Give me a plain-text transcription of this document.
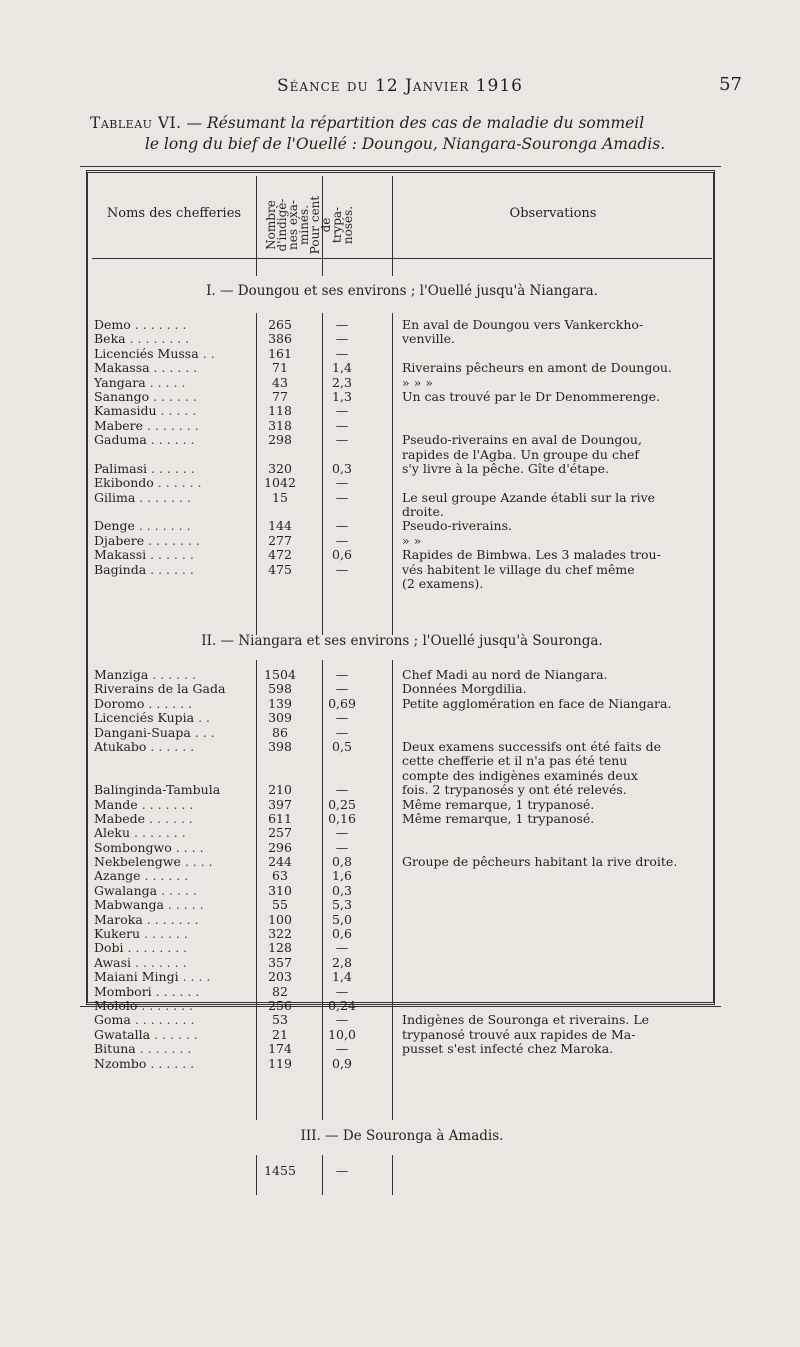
Séance du 12 Janvier 1916	57
Tableau VI. — Résumant la répartition des cas de maladie du sommeil
le long du bief de l'Ouellé : Doungou, Niangara-Souronga Amadis.
Noms des chefferies	Nombre
d'indigè-
nes exa-
minés.
Pour cent
de
trypa-
nosés.	Observations
I. — Doungou et ses environs ; l'Ouellé jusqu'à Niangara.
Demo . . . . . . .	265	—	En aval de Doungou vers Vankerckho-
Beka . . . . . . . .	386	—	venville.
Licenciés Mussa . .	161	—
Makassa . . . . . .	71	1,4	Riverains pêcheurs en amont de Doungou.
Yangara . . . . .	43	2,3	» » »
Sanango . . . . . .	77	1,3	Un cas trouvé par le Dr Denommerenge.
Kamasidu . . . . .	118	—
Mabere . . . . . . .	318	—
Gaduma . . . . . .	298	—	Pseudo-riverains en aval de Doungou,
rapides de l'Agba. Un groupe du chef
Palimasi . . . . . .	320	0,3	s'y livre à la pêche. Gîte d'étape.
Ekibondo . . . . . .	1042	—
Gilima . . . . . . .	15	—	Le seul groupe Azande établi sur la rive
droite.
Denge . . . . . . .	144	—	Pseudo-riverains.
Djabere . . . . . . .	277	—	» »
Makassi . . . . . .	472	0,6	Rapides de Bimbwa. Les 3 malades trou-
Baginda . . . . . .	475	—	vés habitent le village du chef même
(2 examens).
II. — Niangara et ses environs ; l'Ouellé jusqu'à Souronga.
Manziga . . . . . .	1504	—	Chef Madi au nord de Niangara.
Riverains de la Gada	598	—	Données Morgdilia.
Doromo . . . . . .	139	0,69	Petite agglomération en face de Niangara.
Licenciés Kupia . .	309	—
Dangani-Suapa . . .	86	—
Atukabo . . . . . .	398	0,5	Deux examens successifs ont été faits de
cette chefferie et il n'a pas été tenu
compte des indigènes examinés deux
Balinginda-Tambula	210	—	fois. 2 trypanosés y ont été relevés.
Mande . . . . . . .	397	0,25	Même remarque, 1 trypanosé.
Mabede . . . . . .	611	0,16	Même remarque, 1 trypanosé.
Aleku . . . . . . .	257	—
Sombongwo . . . .	296	—
Nekbelengwe . . . .	244	0,8	Groupe de pêcheurs habitant la rive droite.
Azange . . . . . .	63	1,6
Gwalanga . . . . .	310	0,3
Mabwanga . . . . .	55	5,3
Maroka . . . . . . .	100	5,0
Kukeru . . . . . .	322	0,6
Dobi . . . . . . . .	128	—
Awasi . . . . . . .	357	2,8
Maiani Mingi . . . .	203	1,4
Mombori . . . . . .	82	—
Mololo . . . . . . .	256	0,24
Goma . . . . . . . .	53	—	Indigènes de Souronga et riverains. Le
Gwatalla . . . . . .	21	10,0	trypanosé trouvé aux rapides de Ma-
Bituna . . . . . . .	174	—	pusset s'est infecté chez Maroka.
Nzombo . . . . . .	119	0,9
III. — De Souronga à Amadis.
1455	—
